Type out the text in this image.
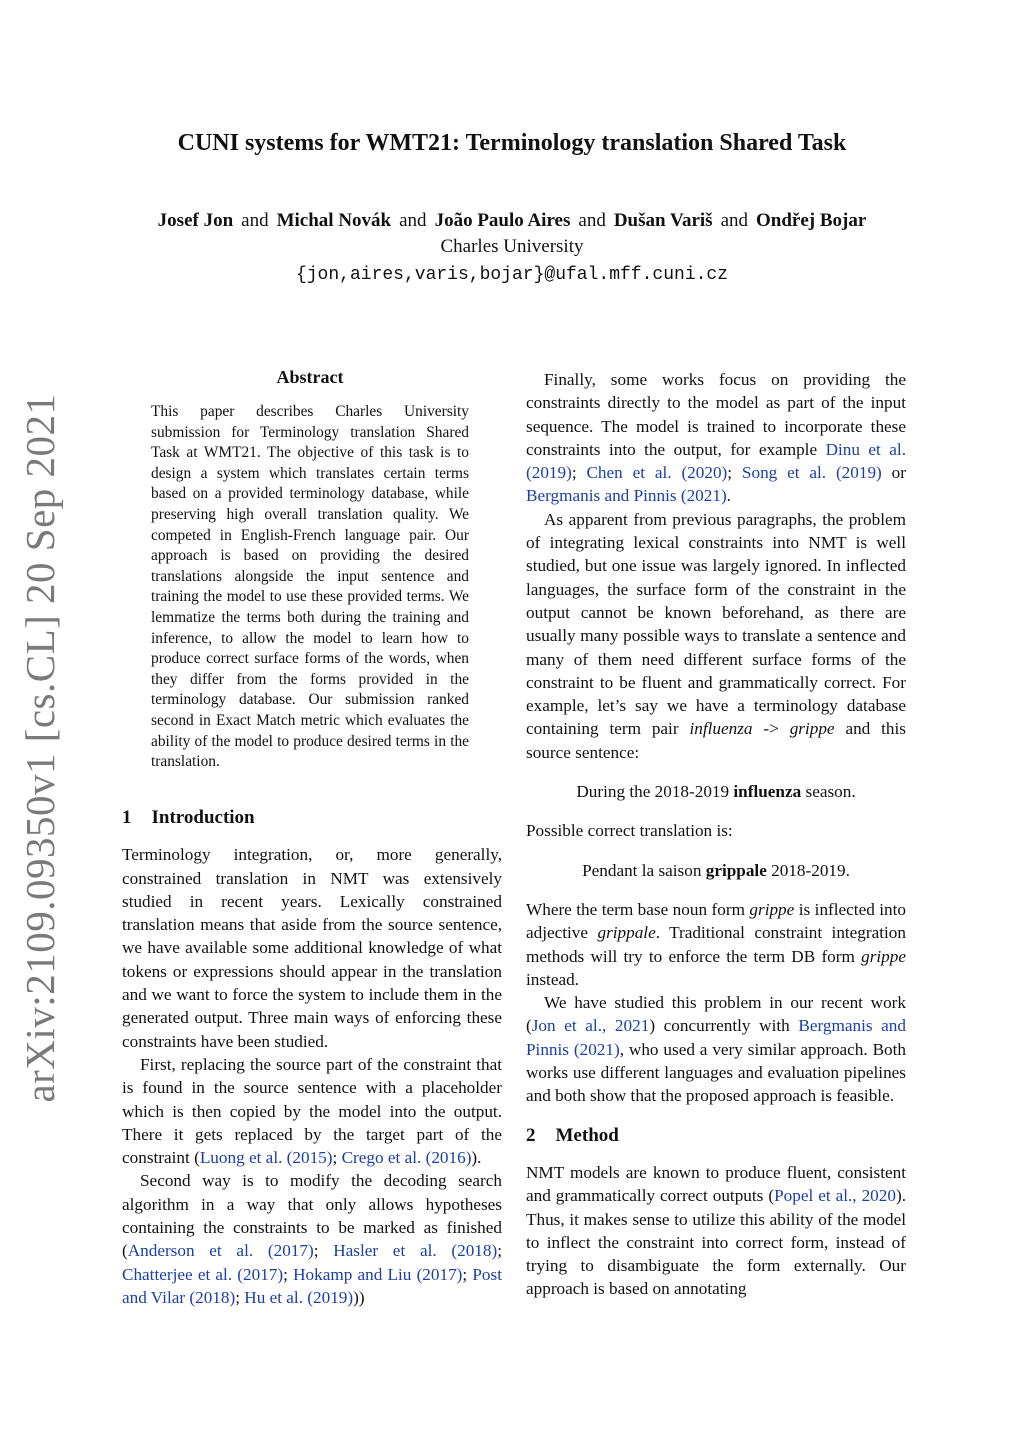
arXiv:2109.09350v1 [cs.CL] 20 Sep 2021
CUNI systems for WMT21: Terminology translation Shared Task
Josef Jon and Michal Novák and João Paulo Aires and Dušan Variš and Ondřej Bojar
Charles University
{jon,aires,varis,bojar}@ufal.mff.cuni.cz
Abstract
This paper describes Charles University submission for Terminology translation Shared Task at WMT21. The objective of this task is to design a system which translates certain terms based on a provided terminology database, while preserving high overall translation quality. We competed in English-French language pair. Our approach is based on providing the desired translations alongside the input sentence and training the model to use these provided terms. We lemmatize the terms both during the training and inference, to allow the model to learn how to produce correct surface forms of the words, when they differ from the forms provided in the terminology database. Our submission ranked second in Exact Match metric which evaluates the ability of the model to produce desired terms in the translation.
1 Introduction

Terminology integration, or, more generally, constrained translation in NMT was extensively studied in recent years. Lexically constrained translation means that aside from the source sentence, we have available some additional knowledge of what tokens or expressions should appear in the translation and we want to force the system to include them in the generated output. Three main ways of enforcing these constraints have been studied.

First, replacing the source part of the constraint that is found in the source sentence with a placeholder which is then copied by the model into the output. There it gets replaced by the target part of the constraint (Luong et al. (2015); Crego et al. (2016)).

Second way is to modify the decoding search algorithm in a way that only allows hypotheses containing the constraints to be marked as finished (Anderson et al. (2017); Hasler et al. (2018); Chatterjee et al. (2017); Hokamp and Liu (2017); Post and Vilar (2018); Hu et al. (2019)))

Finally, some works focus on providing the constraints directly to the model as part of the input sequence. The model is trained to incorporate these constraints into the output, for example Dinu et al. (2019); Chen et al. (2020); Song et al. (2019) or Bergmanis and Pinnis (2021).

As apparent from previous paragraphs, the problem of integrating lexical constraints into NMT is well studied, but one issue was largely ignored. In inflected languages, the surface form of the constraint in the output cannot be known beforehand, as there are usually many possible ways to translate a sentence and many of them need different surface forms of the constraint to be fluent and grammatically correct. For example, let’s say we have a terminology database containing term pair influenza -> grippe and this source sentence:

During the 2018-2019 influenza season.

Possible correct translation is:

Pendant la saison grippale 2018-2019.

Where the term base noun form grippe is inflected into adjective grippale. Traditional constraint integration methods will try to enforce the term DB form grippe instead.

We have studied this problem in our recent work (Jon et al., 2021) concurrently with Bergmanis and Pinnis (2021), who used a very similar approach. Both works use different languages and evaluation pipelines and both show that the proposed approach is feasible.

2 Method

NMT models are known to produce fluent, consistent and grammatically correct outputs (Popel et al., 2020). Thus, it makes sense to utilize this ability of the model to inflect the constraint into correct form, instead of trying to disambiguate the form externally. Our approach is based on annotating
